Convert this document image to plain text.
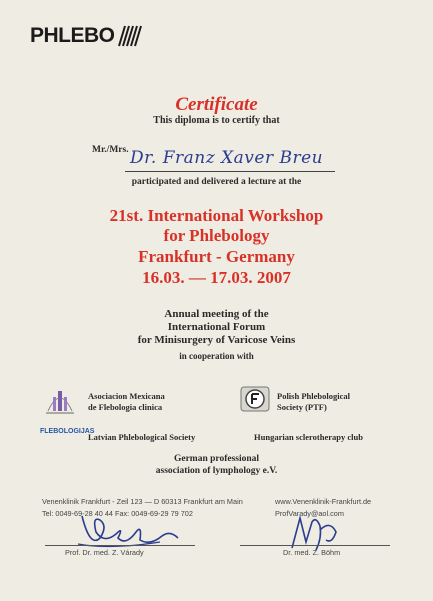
PHLEBO
Certificate
This diploma is to certify that
Mr./Mrs. Dr. Franz Xaver Breu
participated and delivered a lecture at the
21st. International Workshop
for Phlebology
Frankfurt - Germany
16.03. — 17.03. 2007
Annual meeting of the
International Forum
for Minisurgery of Varicose Veins
in cooperation with
Asociacion Mexicana
de Flebologia clinica
Polish Phlebological
Society (PTF)
FLEBOLOGIJAS
Latvian Phlebological Society	Hungarian sclerotherapy club
German professional
association of lymphology e.V.
Venenklinik Frankfurt - Zeil 123 — D 60313 Frankfurt am Main
Tel: 0049-69-28 40 44 Fax: 0049-69-29 79 702
www.Venenklinik-Frankfurt.de
ProfVarady@aol.com
Prof. Dr. med. Z. Várady	Dr. med. Z. Böhm
